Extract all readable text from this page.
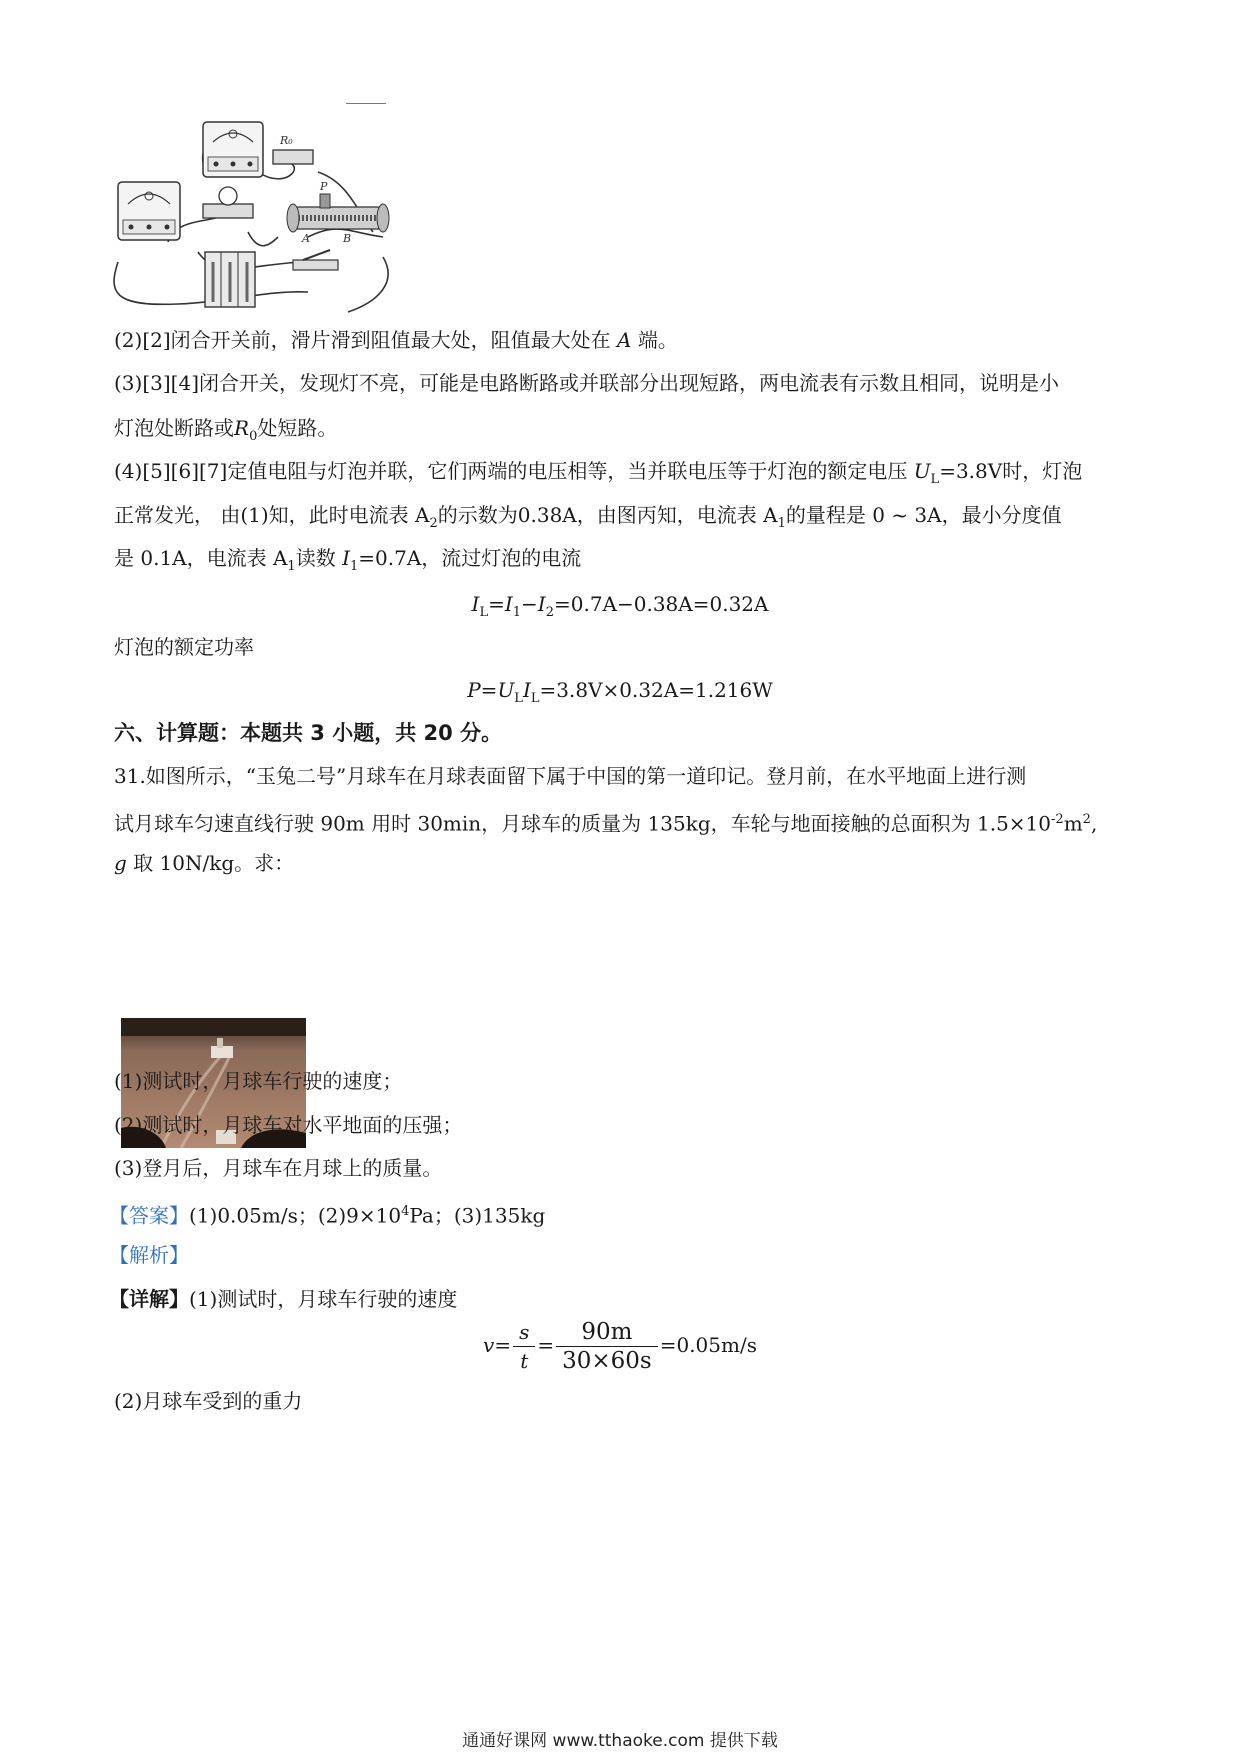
R₀
P
A	B
(2)[2]闭合开关前，滑片滑到阻值最大处，阻值最大处在 A 端。
(3)[3][4]闭合开关，发现灯不亮，可能是电路断路或并联部分出现短路，两电流表有示数且相同，说明是小
灯泡处断路或$R_0$处短路。
(4)[5][6][7]定值电阻与灯泡并联，它们两端的电压相等，当并联电压等于灯泡的额定电压 $U_L=3.8V$时，灯泡
正常发光， 由(1)知，此时电流表 $A_2$的示数为0.38A，由图丙知，电流表 $A_1$的量程是 0 ~ 3A，最小分度值
是 0.1A，电流表 $A_1$读数 $I_1=0.7A$，流过灯泡的电流
$I_L=I_1-I_2=0.7A-0.38A=0.32A$
灯泡的额定功率
$P=U_LI_L=3.8V\times 0.32A=1.216W$
六、计算题：本题共 3 小题，共 20 分。
31.如图所示，“玉兔二号”月球车在月球表面留下属于中国的第一道印记。登月前，在水平地面上进行测
试月球车匀速直线行驶 90m 用时 30min，月球车的质量为 135kg，车轮与地面接触的总面积为 $1.5\times 10^{-2}m^2$,
g 取 10N/kg。求：
(1)测试时，月球车行驶的速度；
(2)测试时，月球车对水平地面的压强；
(3)登月后，月球车在月球上的质量。
【答案】(1)0.05m/s；$(2)9\times 10^4Pa$；(3)135kg
【解析】
【详解】(1)测试时，月球车行驶的速度
$v= \frac{s}{t} = \frac{90m}{30\times 60s} =0.05m/s$
(2)月球车受到的重力
通通好课网 www.tthaoke.com 提供下载
